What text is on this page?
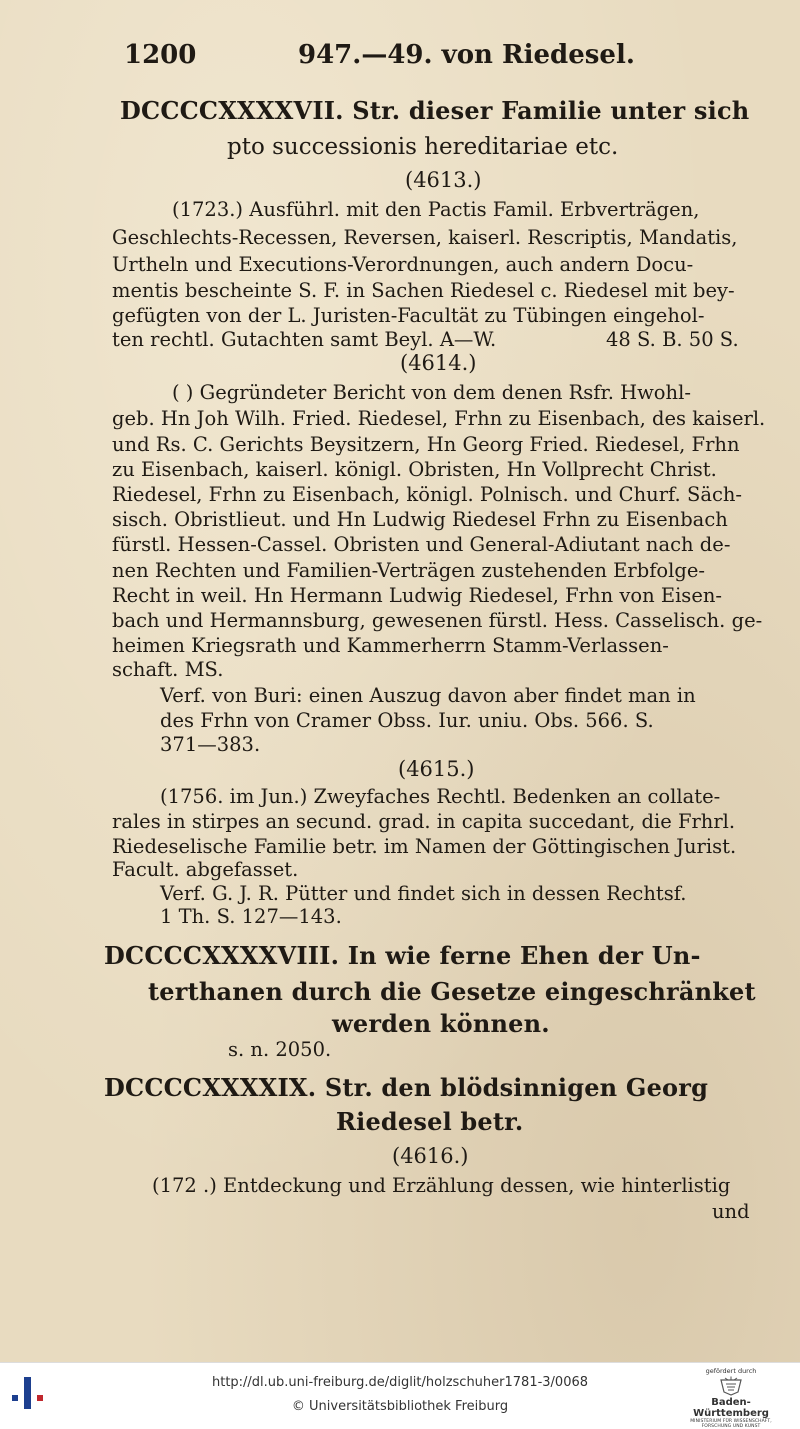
1200	947.—49. von Riedesel.
DCCCCXXXXVII. Str. dieser Familie unter sich
pto successionis hereditariae etc.
(4613.)
(1723.) Ausführl. mit den Pactis Famil. Erbverträgen,
Geschlechts-Recessen, Reversen, kaiserl. Rescriptis, Mandatis,
Urtheln und Executions-Verordnungen, auch andern Docu-
mentis bescheinte S. F. in Sachen Riedesel c. Riedesel mit bey-
gefügten von der L. Juristen-Facultät zu Tübingen eingehol-
ten rechtl. Gutachten samt Beyl. A—W.	48 S. B. 50 S.
(4614.)
( ) Gegründeter Bericht von dem denen Rsfr. Hwohl-
geb. Hn Joh Wilh. Fried. Riedesel, Frhn zu Eisenbach, des kaiserl.
und Rs. C. Gerichts Beysitzern, Hn Georg Fried. Riedesel, Frhn
zu Eisenbach, kaiserl. königl. Obristen, Hn Vollprecht Christ.
Riedesel, Frhn zu Eisenbach, königl. Polnisch. und Churf. Säch-
sisch. Obristlieut. und Hn Ludwig Riedesel Frhn zu Eisenbach
fürstl. Hessen-Cassel. Obristen und General-Adiutant nach de-
nen Rechten und Familien-Verträgen zustehenden Erbfolge-
Recht in weil. Hn Hermann Ludwig Riedesel, Frhn von Eisen-
bach und Hermannsburg, gewesenen fürstl. Hess. Casselisch. ge-
heimen Kriegsrath und Kammerherrn Stamm-Verlassen-
schaft. MS.
Verf. von Buri: einen Auszug davon aber findet man in
des Frhn von Cramer Obss. Iur. uniu. Obs. 566. S.
371—383.
(4615.)
(1756. im Jun.) Zweyfaches Rechtl. Bedenken an collate-
rales in stirpes an secund. grad. in capita succedant, die Frhrl.
Riedeselische Familie betr. im Namen der Göttingischen Jurist.
Facult. abgefasset.
Verf. G. J. R. Pütter und findet sich in dessen Rechtsf.
1 Th. S. 127—143.
DCCCCXXXXVIII. In wie ferne Ehen der Un-
terthanen durch die Gesetze eingeschränket
werden können.
s. n. 2050.
DCCCCXXXXIX. Str. den blödsinnigen Georg
Riedesel betr.
(4616.)
(172 .) Entdeckung und Erzählung dessen, wie hinterlistig
und
http://dl.ub.uni-freiburg.de/diglit/holzschuher1781-3/0068
© Universitätsbibliothek Freiburg
gefördert durch
Baden-Württemberg
MINISTERIUM FÜR WISSENSCHAFT, FORSCHUNG UND KUNST
